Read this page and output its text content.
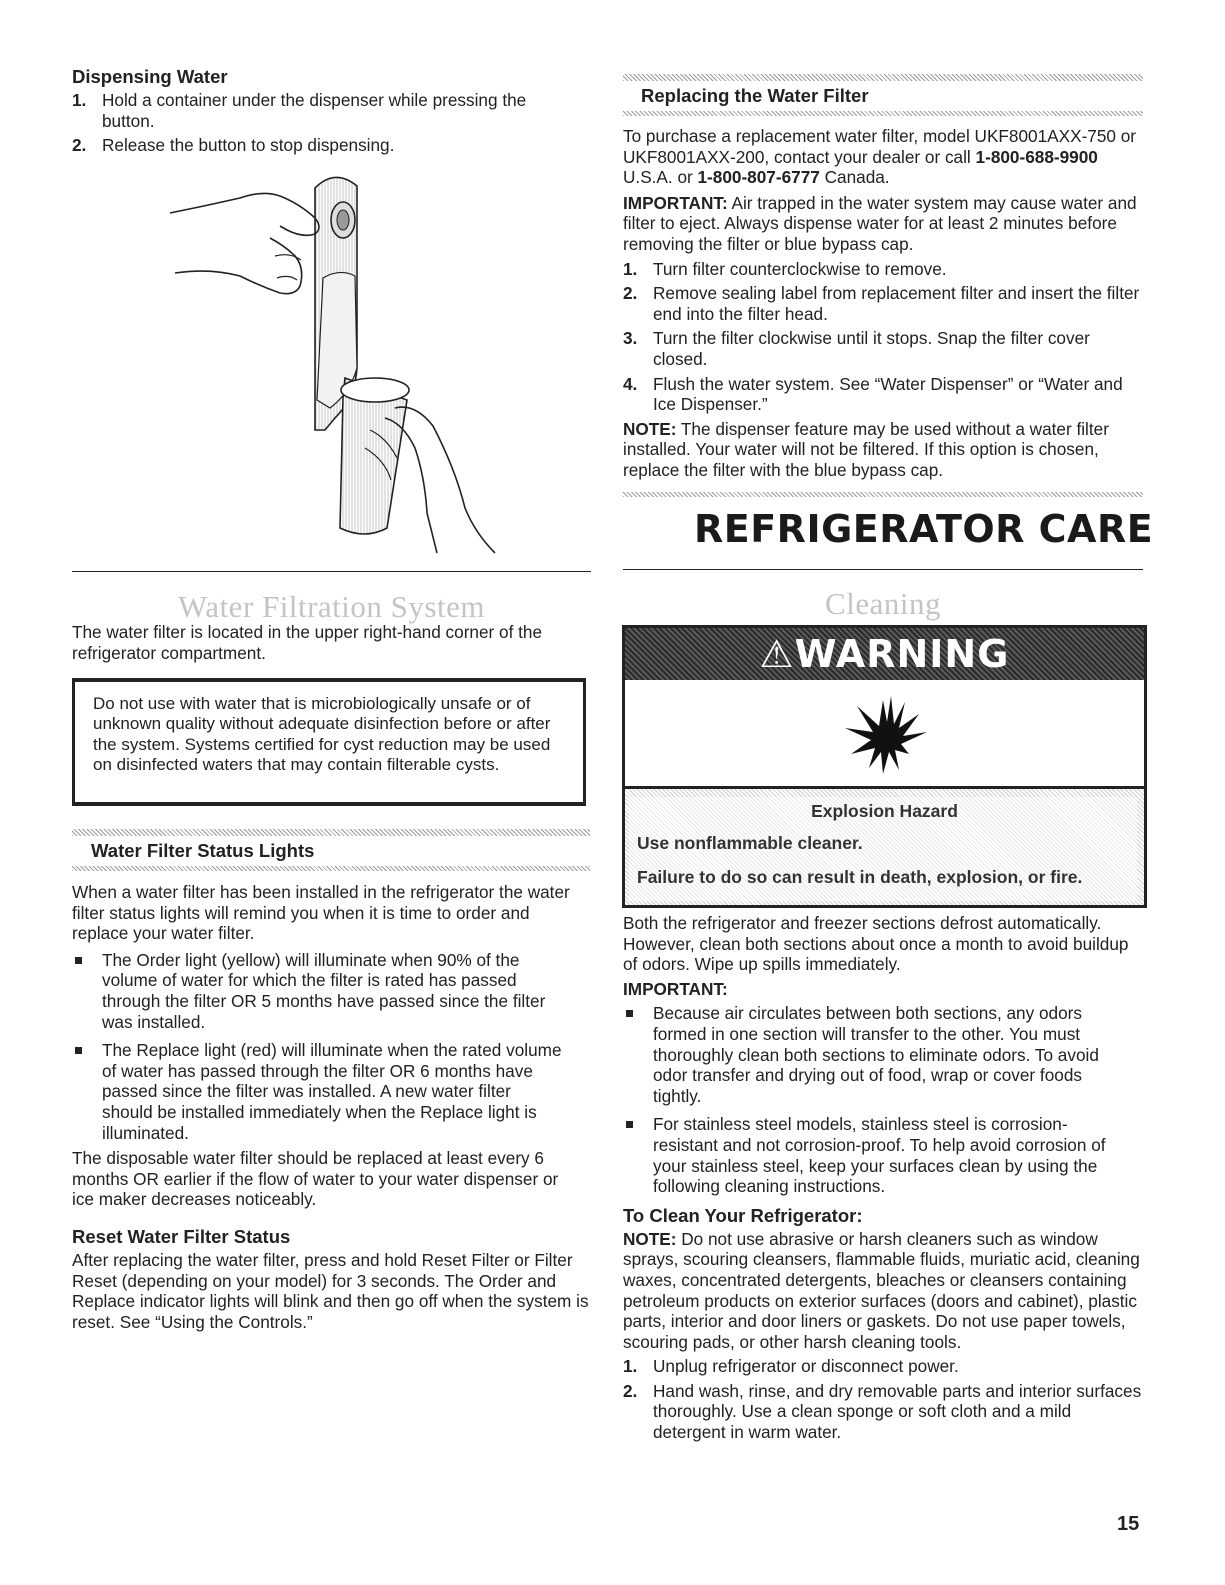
Dispensing Water

1. Hold a container under the dispenser while pressing the button.
2. Release the button to stop dispensing.
Water Filtration System

The water filter is located in the upper right-hand corner of the refrigerator compartment.

Do not use with water that is microbiologically unsafe or of unknown quality without adequate disinfection before or after the system. Systems certified for cyst reduction may be used on disinfected waters that may contain filterable cysts.

Water Filter Status Lights

When a water filter has been installed in the refrigerator the water filter status lights will remind you when it is time to order and replace your water filter.

The Order light (yellow) will illuminate when 90% of the volume of water for which the filter is rated has passed through the filter OR 5 months have passed since the filter was installed.
The Replace light (red) will illuminate when the rated volume of water has passed through the filter OR 6 months have passed since the filter was installed. A new water filter should be installed immediately when the Replace light is illuminated.

The disposable water filter should be replaced at least every 6 months OR earlier if the flow of water to your water dispenser or ice maker decreases noticeably.

Reset Water Filter Status

After replacing the water filter, press and hold Reset Filter or Filter Reset (depending on your model) for 3 seconds. The Order and Replace indicator lights will blink and then go off when the system is reset. See “Using the Controls.”

Replacing the Water Filter

To purchase a replacement water filter, model UKF8001AXX-750 or UKF8001AXX-200, contact your dealer or call 1-800-688-9900 U.S.A. or 1-800-807-6777 Canada.

IMPORTANT: Air trapped in the water system may cause water and filter to eject. Always dispense water for at least 2 minutes before removing the filter or blue bypass cap.

1. Turn filter counterclockwise to remove.
2. Remove sealing label from replacement filter and insert the filter end into the filter head.
3. Turn the filter clockwise until it stops. Snap the filter cover closed.
4. Flush the water system. See “Water Dispenser” or “Water and Ice Dispenser.”

NOTE: The dispenser feature may be used without a water filter installed. Your water will not be filtered. If this option is chosen, replace the filter with the blue bypass cap.

REFRIGERATOR CARE
Cleaning
⚠WARNING

Explosion Hazard

Use nonflammable cleaner.

Failure to do so can result in death, explosion, or fire.

Both the refrigerator and freezer sections defrost automatically. However, clean both sections about once a month to avoid buildup of odors. Wipe up spills immediately.

IMPORTANT:

Because air circulates between both sections, any odors formed in one section will transfer to the other. You must thoroughly clean both sections to eliminate odors. To avoid odor transfer and drying out of food, wrap or cover foods tightly.
For stainless steel models, stainless steel is corrosion-resistant and not corrosion-proof. To help avoid corrosion of your stainless steel, keep your surfaces clean by using the following cleaning instructions.

To Clean Your Refrigerator:

NOTE: Do not use abrasive or harsh cleaners such as window sprays, scouring cleansers, flammable fluids, muriatic acid, cleaning waxes, concentrated detergents, bleaches or cleansers containing petroleum products on exterior surfaces (doors and cabinet), plastic parts, interior and door liners or gaskets. Do not use paper towels, scouring pads, or other harsh cleaning tools.

1. Unplug refrigerator or disconnect power.
2. Hand wash, rinse, and dry removable parts and interior surfaces thoroughly. Use a clean sponge or soft cloth and a mild detergent in warm water.
15
